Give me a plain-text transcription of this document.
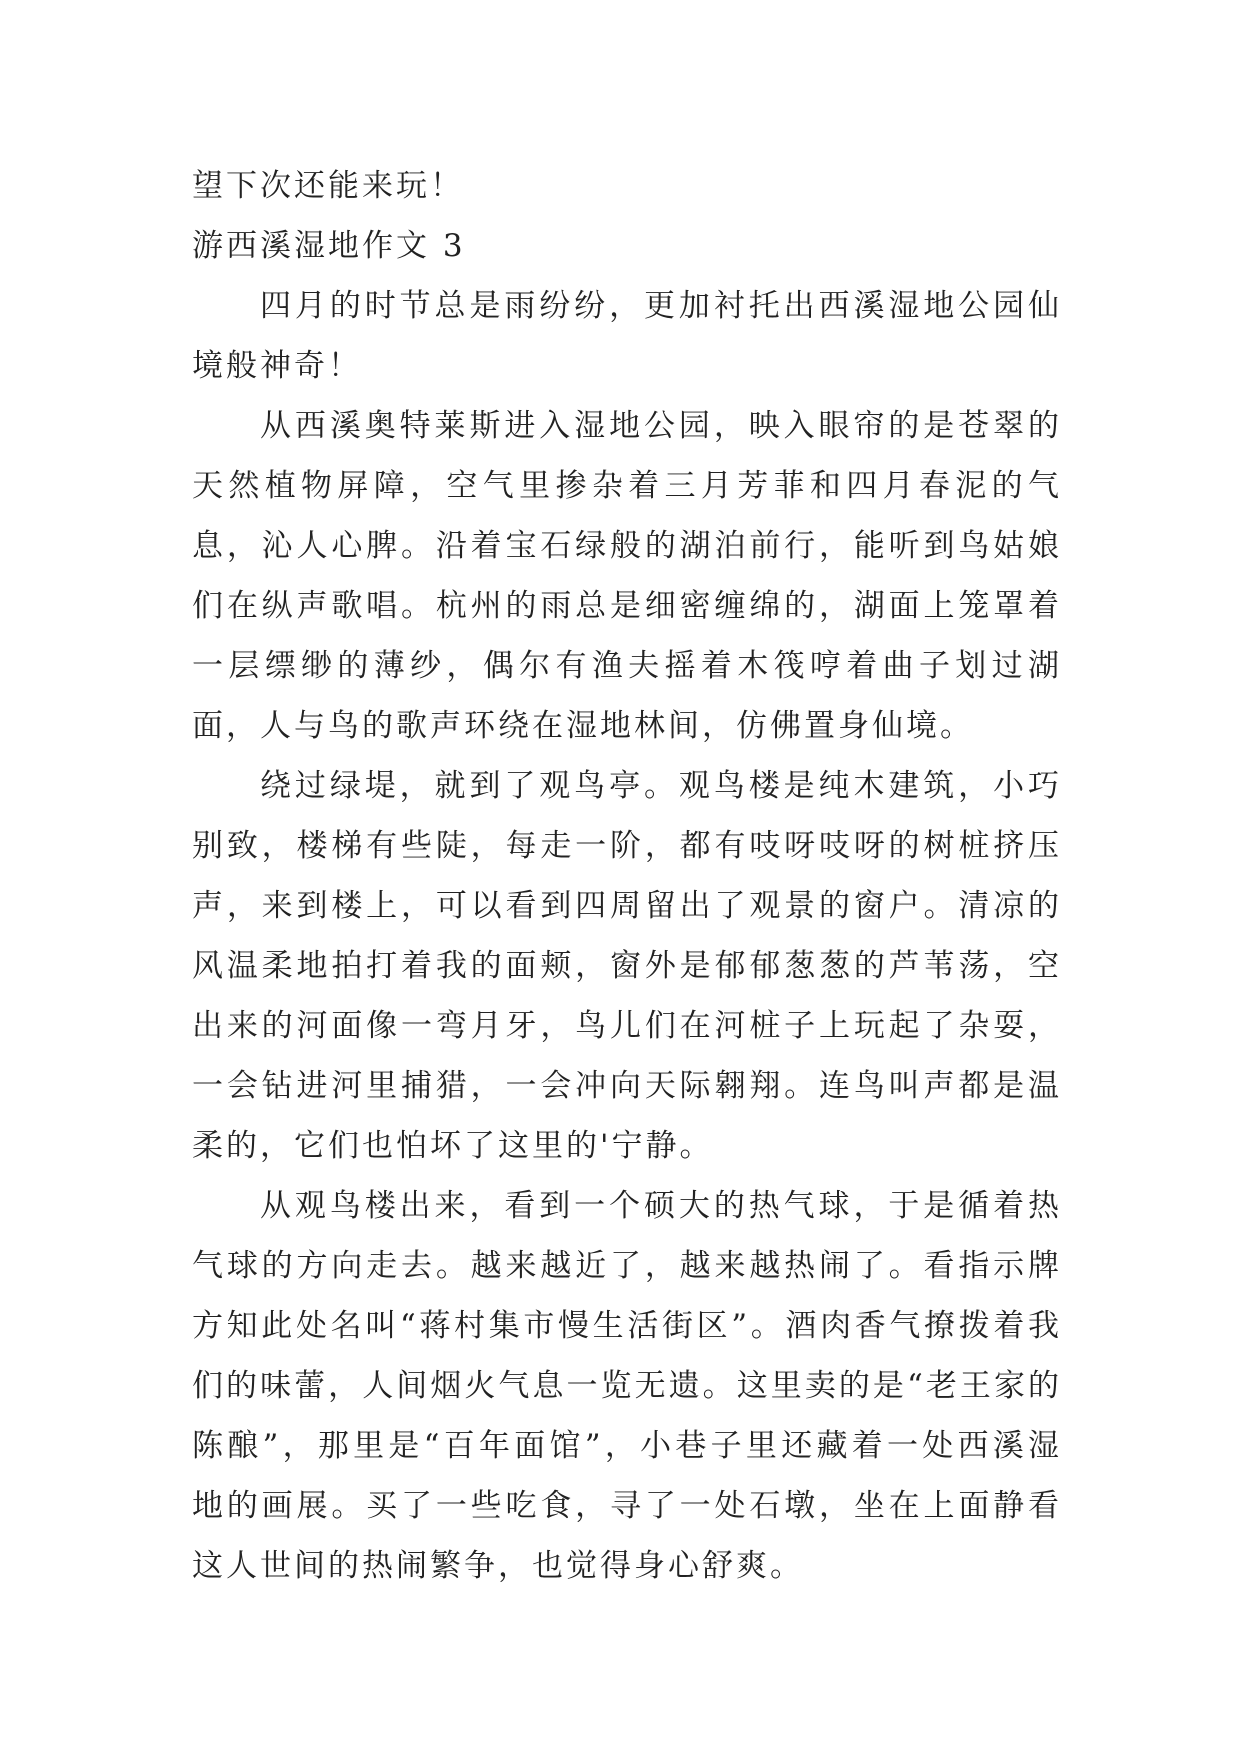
望下次还能来玩！

游西溪湿地作文 3

四月的时节总是雨纷纷，更加衬托出西溪湿地公园仙境般神奇！

从西溪奥特莱斯进入湿地公园，映入眼帘的是苍翠的天然植物屏障，空气里掺杂着三月芳菲和四月春泥的气息，沁人心脾。沿着宝石绿般的湖泊前行，能听到鸟姑娘们在纵声歌唱。杭州的雨总是细密缠绵的，湖面上笼罩着一层缥缈的薄纱，偶尔有渔夫摇着木筏哼着曲子划过湖面，人与鸟的歌声环绕在湿地林间，仿佛置身仙境。

绕过绿堤，就到了观鸟亭。观鸟楼是纯木建筑，小巧别致，楼梯有些陡，每走一阶，都有吱呀吱呀的树桩挤压声，来到楼上，可以看到四周留出了观景的窗户。清凉的风温柔地拍打着我的面颊，窗外是郁郁葱葱的芦苇荡，空出来的河面像一弯月牙，鸟儿们在河桩子上玩起了杂耍，一会钻进河里捕猎，一会冲向天际翱翔。连鸟叫声都是温柔的，它们也怕坏了这里的'宁静。

从观鸟楼出来，看到一个硕大的热气球，于是循着热气球的方向走去。越来越近了，越来越热闹了。看指示牌方知此处名叫“蒋村集市慢生活街区”。酒肉香气撩拨着我们的味蕾，人间烟火气息一览无遗。这里卖的是“老王家的陈酿”，那里是“百年面馆”，小巷子里还藏着一处西溪湿地的画展。买了一些吃食，寻了一处石墩，坐在上面静看这人世间的热闹繁争，也觉得身心舒爽。
